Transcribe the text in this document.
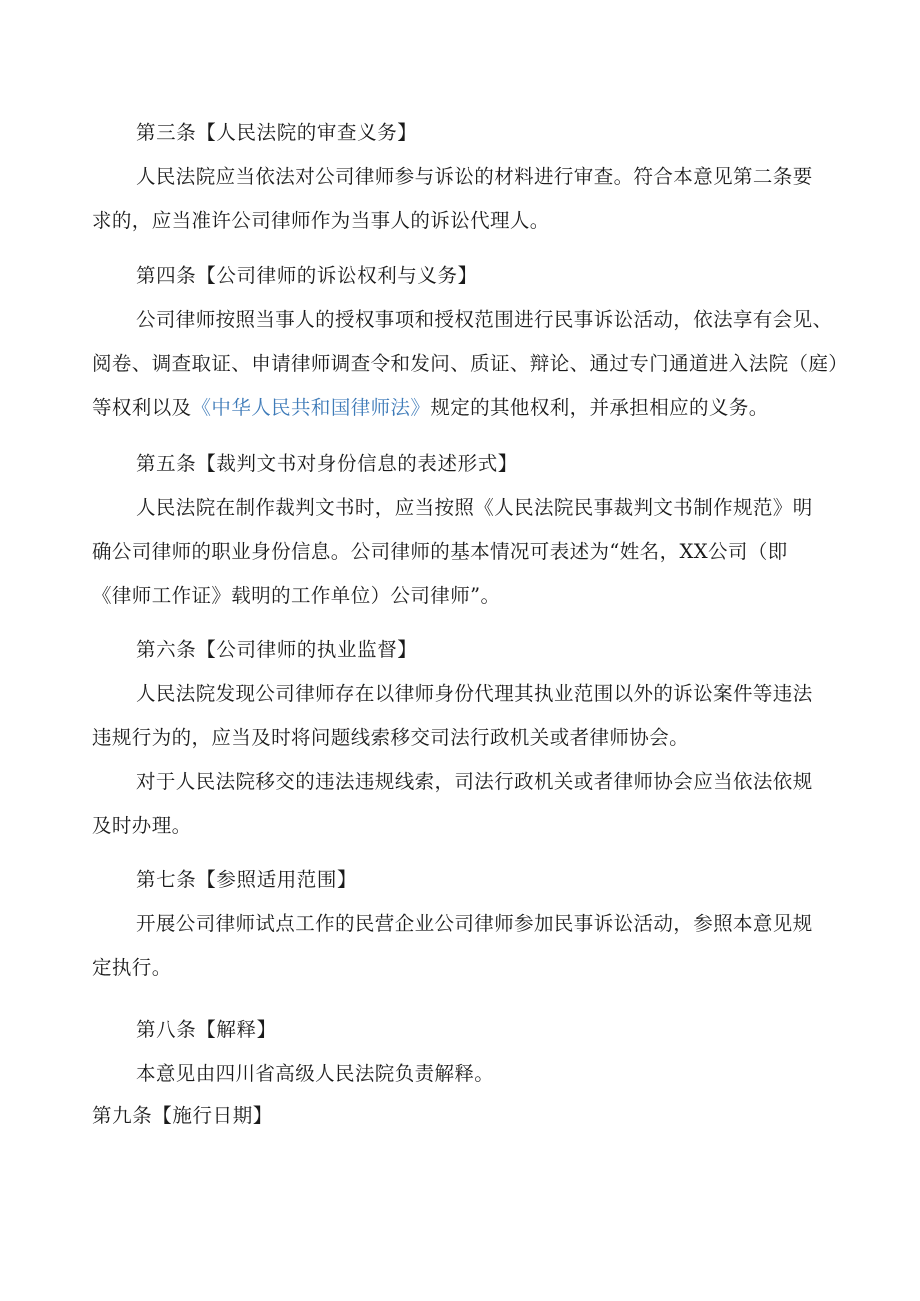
第三条【人民法院的审查义务】
人民法院应当依法对公司律师参与诉讼的材料进行审查。符合本意见第二条要
求的，应当准许公司律师作为当事人的诉讼代理人。
第四条【公司律师的诉讼权利与义务】
公司律师按照当事人的授权事项和授权范围进行民事诉讼活动，依法享有会见、
阅卷、调查取证、申请律师调查令和发问、质证、辩论、通过专门通道进入法院（庭）
等权利以及《中华人民共和国律师法》规定的其他权利，并承担相应的义务。
第五条【裁判文书对身份信息的表述形式】
人民法院在制作裁判文书时，应当按照《人民法院民事裁判文书制作规范》明
确公司律师的职业身份信息。公司律师的基本情况可表述为“姓名，XX公司（即
《律师工作证》载明的工作单位）公司律师”。
第六条【公司律师的执业监督】
人民法院发现公司律师存在以律师身份代理其执业范围以外的诉讼案件等违法
违规行为的，应当及时将问题线索移交司法行政机关或者律师协会。
对于人民法院移交的违法违规线索，司法行政机关或者律师协会应当依法依规
及时办理。
第七条【参照适用范围】
开展公司律师试点工作的民营企业公司律师参加民事诉讼活动，参照本意见规
定执行。
第八条【解释】
本意见由四川省高级人民法院负责解释。
第九条【施行日期】
